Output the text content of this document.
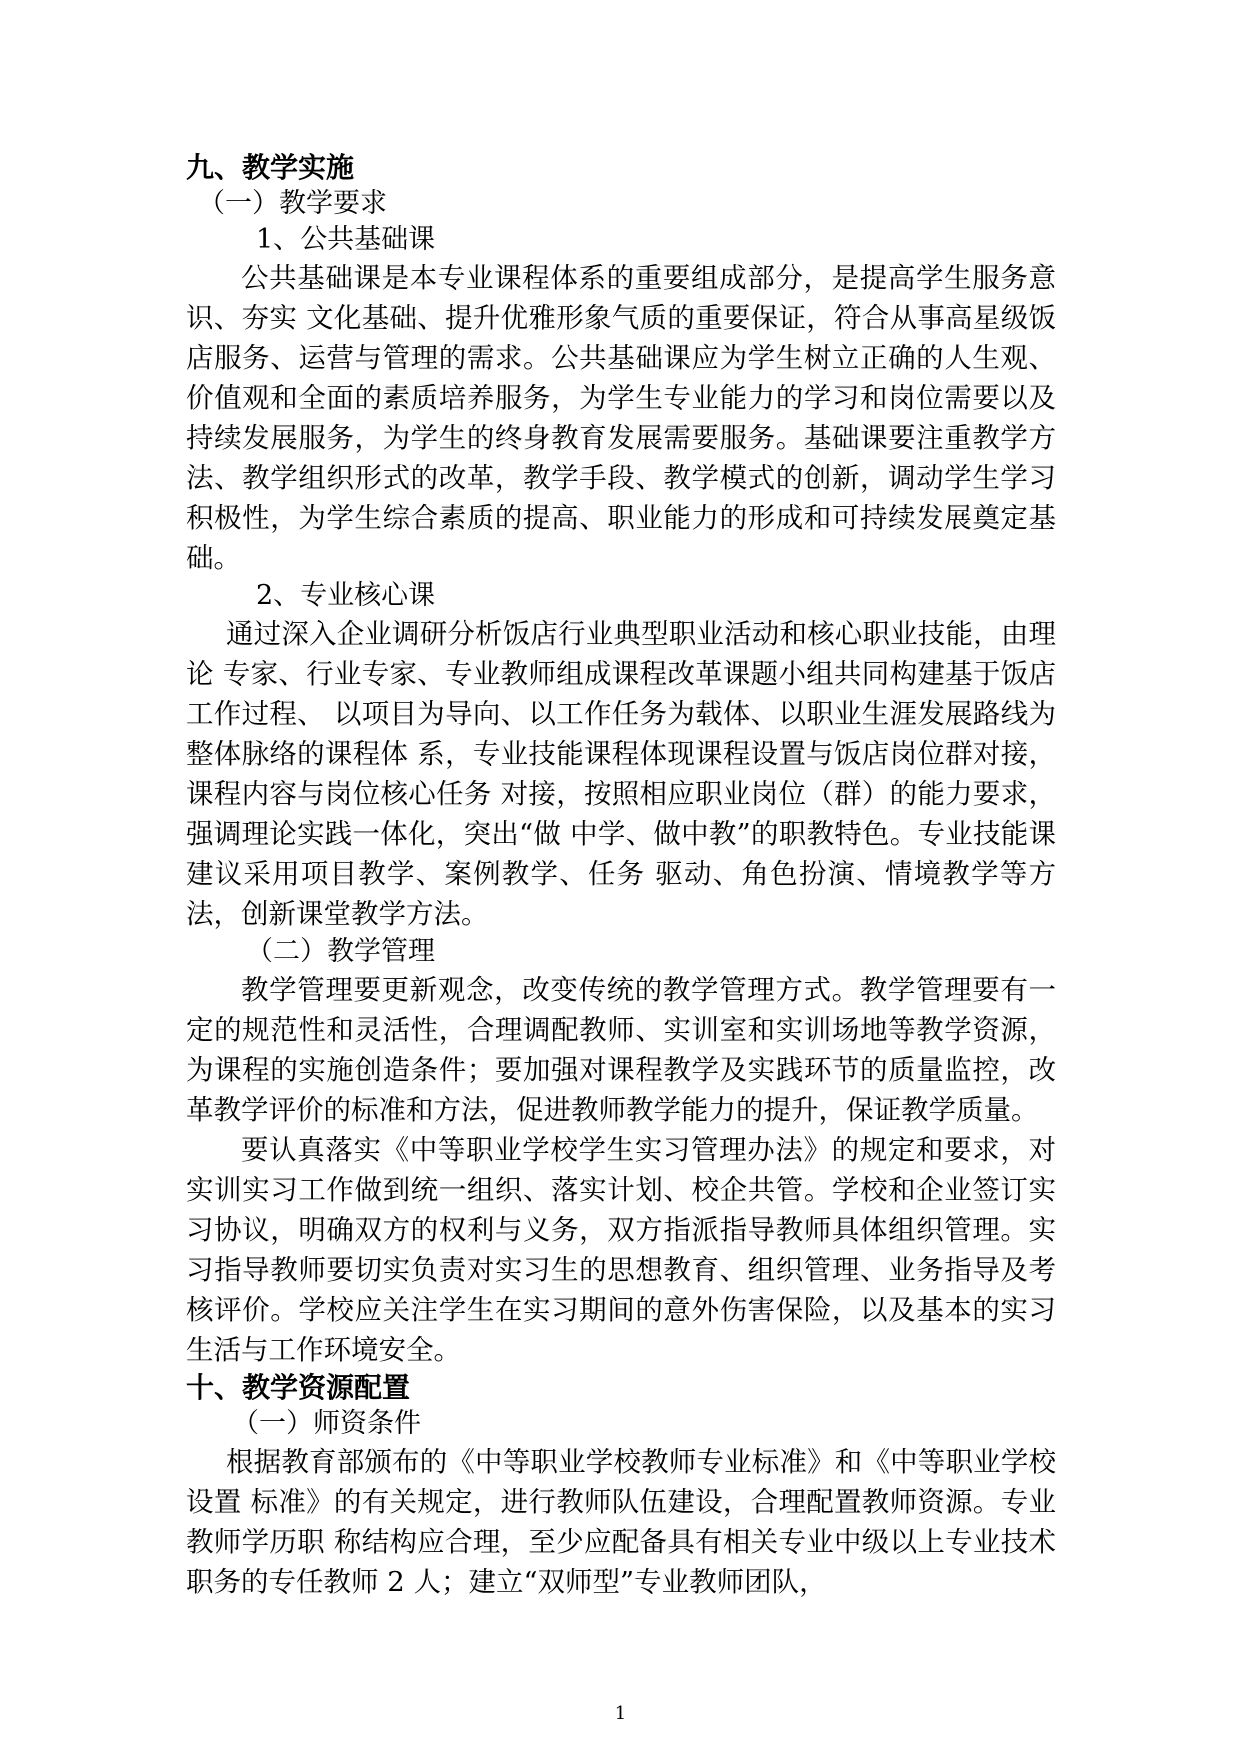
九、教学实施
（一）教学要求
1、公共基础课

公共基础课是本专业课程体系的重要组成部分，是提高学生服务意识、夯实 文化基础、提升优雅形象气质的重要保证，符合从事高星级饭店服务、运营与管理的需求。公共基础课应为学生树立正确的人生观、价值观和全面的素质培养服务，为学生专业能力的学习和岗位需要以及持续发展服务，为学生的终身教育发展需要服务。基础课要注重教学方法、教学组织形式的改革，教学手段、教学模式的创新，调动学生学习积极性，为学生综合素质的提高、职业能力的形成和可持续发展奠定基础。

2、专业核心课

通过深入企业调研分析饭店行业典型职业活动和核心职业技能，由理论 专家、行业专家、专业教师组成课程改革课题小组共同构建基于饭店工作过程、 以项目为导向、以工作任务为载体、以职业生涯发展路线为整体脉络的课程体 系，专业技能课程体现课程设置与饭店岗位群对接，课程内容与岗位核心任务 对接，按照相应职业岗位（群）的能力要求，强调理论实践一体化，突出“做 中学、做中教”的职教特色。专业技能课建议采用项目教学、案例教学、任务 驱动、角色扮演、情境教学等方法，创新课堂教学方法。

（二）教学管理

教学管理要更新观念，改变传统的教学管理方式。教学管理要有一定的规范性和灵活性，合理调配教师、实训室和实训场地等教学资源，为课程的实施创造条件；要加强对课程教学及实践环节的质量监控，改革教学评价的标准和方法，促进教师教学能力的提升，保证教学质量。

要认真落实《中等职业学校学生实习管理办法》的规定和要求，对实训实习工作做到统一组织、落实计划、校企共管。学校和企业签订实习协议，明确双方的权利与义务，双方指派指导教师具体组织管理。实习指导教师要切实负责对实习生的思想教育、组织管理、业务指导及考核评价。学校应关注学生在实习期间的意外伤害保险，以及基本的实习生活与工作环境安全。

十、教学资源配置
（一）师资条件

根据教育部颁布的《中等职业学校教师专业标准》和《中等职业学校设置 标准》的有关规定，进行教师队伍建设，合理配置教师资源。专业教师学历职 称结构应合理，至少应配备具有相关专业中级以上专业技术职务的专任教师 2 人；建立“双师型”专业教师团队，

1
